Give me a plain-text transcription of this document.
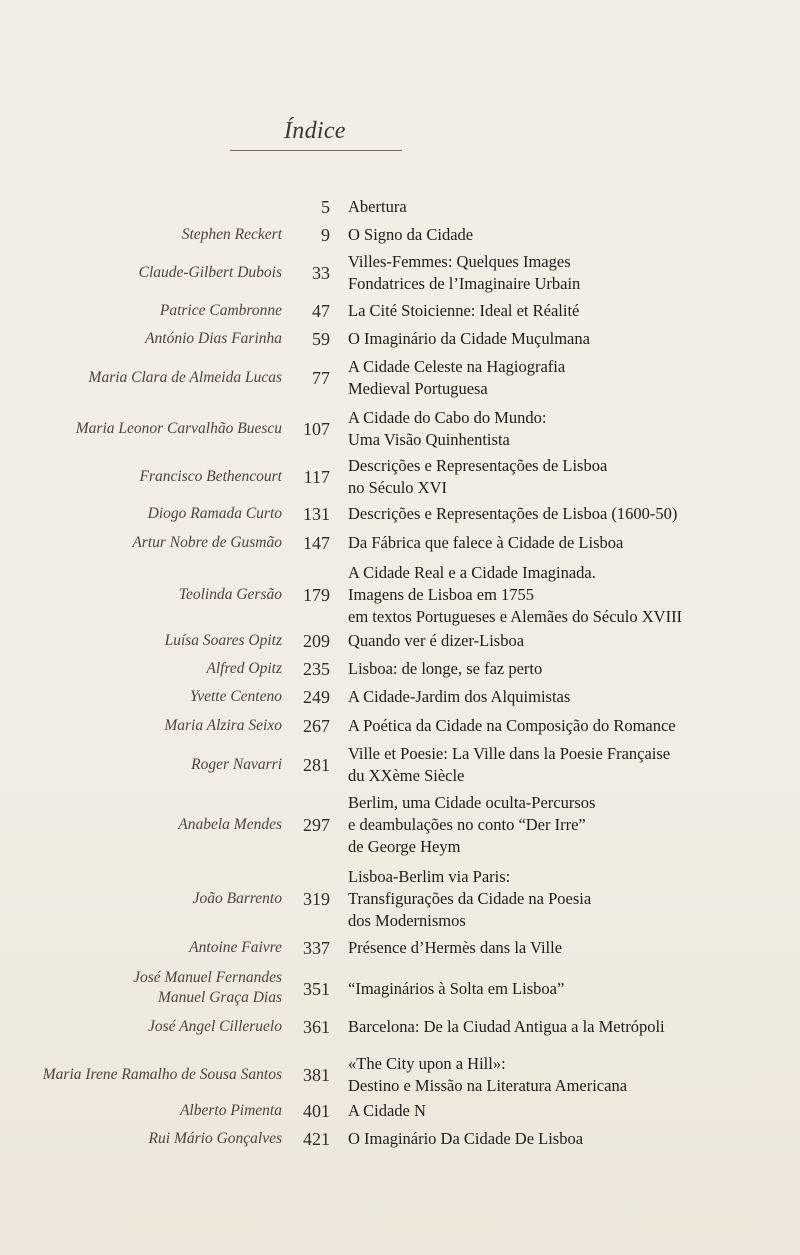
Índice
5 Abertura
Stephen Reckert	9 O Signo da Cidade
Claude-Gilbert Dubois	33
Villes-Femmes: Quelques Images
Fondatrices de l’Imaginaire Urbain
Patrice Cambronne	47 La Cité Stoicienne: Ideal et Réalité
António Dias Farinha	59 O Imaginário da Cidade Muçulmana
Maria Clara de Almeida Lucas	77
A Cidade Celeste na Hagiografia
Medieval Portuguesa
Maria Leonor Carvalhão Buescu	107
A Cidade do Cabo do Mundo:
Uma Visão Quinhentista
Francisco Bethencourt	117
Descrições e Representações de Lisboa
no Século XVI
Diogo Ramada Curto	131 Descrições e Representações de Lisboa (1600-50)
Artur Nobre de Gusmão	147 Da Fábrica que falece à Cidade de Lisboa
Teolinda Gersão	179
A Cidade Real e a Cidade Imaginada.
Imagens de Lisboa em 1755
em textos Portugueses e Alemães do Século XVIII
Luísa Soares Opitz	209 Quando ver é dizer-Lisboa
Alfred Opitz	235 Lisboa: de longe, se faz perto
Yvette Centeno	249 A Cidade-Jardim dos Alquimistas
Maria Alzira Seixo	267 A Poética da Cidade na Composição do Romance
Roger Navarri	281
Ville et Poesie: La Ville dans la Poesie Française
du XXème Siècle
Anabela Mendes	297
Berlim, uma Cidade oculta-Percursos
e deambulações no conto “Der Irre”
de George Heym
João Barrento	319
Lisboa-Berlim via Paris:
Transfigurações da Cidade na Poesia
dos Modernismos
Antoine Faivre	337 Présence d’Hermès dans la Ville
José Manuel Fernandes
Manuel Graça Dias	351 “Imaginários à Solta em Lisboa”
José Angel Cilleruelo	361 Barcelona: De la Ciudad Antigua a la Metrópoli
Maria Irene Ramalho de Sousa Santos	381
«The City upon a Hill»:
Destino e Missão na Literatura Americana
Alberto Pimenta	401 A Cidade N
Rui Mário Gonçalves	421 O Imaginário Da Cidade De Lisboa
